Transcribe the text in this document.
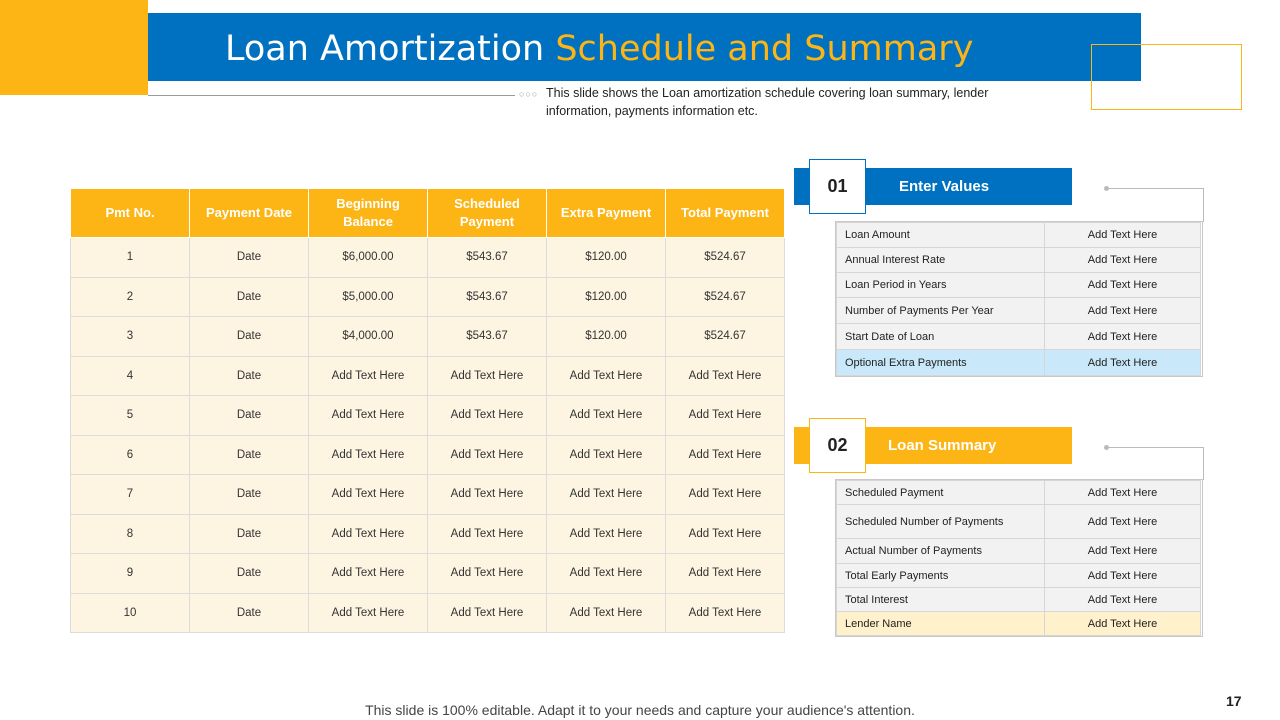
Loan Amortization Schedule and Summary
○○○ This slide shows the Loan amortization schedule covering loan summary, lender information, payments information etc.
Pmt No.	Payment Date	Beginning Balance	Scheduled Payment	Extra Payment	Total Payment
1	Date	$6,000.00	$543.67	$120.00	$524.67
2	Date	$5,000.00	$543.67	$120.00	$524.67
3	Date	$4,000.00	$543.67	$120.00	$524.67
4	Date	Add Text Here	Add Text Here	Add Text Here	Add Text Here
5	Date	Add Text Here	Add Text Here	Add Text Here	Add Text Here
6	Date	Add Text Here	Add Text Here	Add Text Here	Add Text Here
7	Date	Add Text Here	Add Text Here	Add Text Here	Add Text Here
8	Date	Add Text Here	Add Text Here	Add Text Here	Add Text Here
9	Date	Add Text Here	Add Text Here	Add Text Here	Add Text Here
10	Date	Add Text Here	Add Text Here	Add Text Here	Add Text Here
Enter Values
01
Loan Amount	Add Text Here
Annual Interest Rate	Add Text Here
Loan Period in Years	Add Text Here
Number of Payments Per Year	Add Text Here
Start Date of Loan	Add Text Here
Optional Extra Payments	Add Text Here
Loan Summary
02
Scheduled Payment	Add Text Here
Scheduled Number of Payments	Add Text Here
Actual Number of Payments	Add Text Here
Total Early Payments	Add Text Here
Total Interest	Add Text Here
Lender Name	Add Text Here
This slide is 100% editable. Adapt it to your needs and capture your audience's attention.
17
